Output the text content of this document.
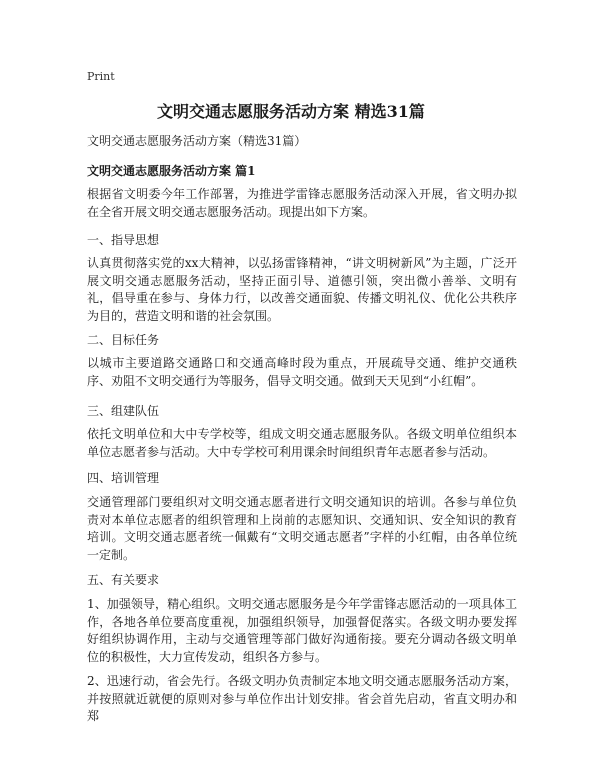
Print
文明交通志愿服务活动方案 精选31篇
文明交通志愿服务活动方案（精选31篇）
文明交通志愿服务活动方案 篇1
根据省文明委今年工作部署，为推进学雷锋志愿服务活动深入开展，省文明办拟在全省开展文明交通志愿服务活动。现提出如下方案。
一、指导思想
认真贯彻落实党的xx大精神，以弘扬雷锋精神，“讲文明树新风”为主题，广泛开展文明交通志愿服务活动，坚持正面引导、道德引领，突出微小善举、文明有礼，倡导重在参与、身体力行，以改善交通面貌、传播文明礼仪、优化公共秩序为目的，营造文明和谐的社会氛围。
二、目标任务
以城市主要道路交通路口和交通高峰时段为重点，开展疏导交通、维护交通秩序、劝阻不文明交通行为等服务，倡导文明交通。做到天天见到“小红帽”。
三、组建队伍
依托文明单位和大中专学校等，组成文明交通志愿服务队。各级文明单位组织本单位志愿者参与活动。大中专学校可利用课余时间组织青年志愿者参与活动。
四、培训管理
交通管理部门要组织对文明交通志愿者进行文明交通知识的培训。各参与单位负责对本单位志愿者的组织管理和上岗前的志愿知识、交通知识、安全知识的教育培训。文明交通志愿者统一佩戴有“文明交通志愿者”字样的小红帽，由各单位统一定制。
五、有关要求
1、加强领导，精心组织。文明交通志愿服务是今年学雷锋志愿活动的一项具体工作，各地各单位要高度重视，加强组织领导，加强督促落实。各级文明办要发挥好组织协调作用，主动与交通管理等部门做好沟通衔接。要充分调动各级文明单位的积极性，大力宣传发动，组织各方参与。
2、迅速行动，省会先行。各级文明办负责制定本地文明交通志愿服务活动方案，并按照就近就便的原则对参与单位作出计划安排。省会首先启动，省直文明办和郑
